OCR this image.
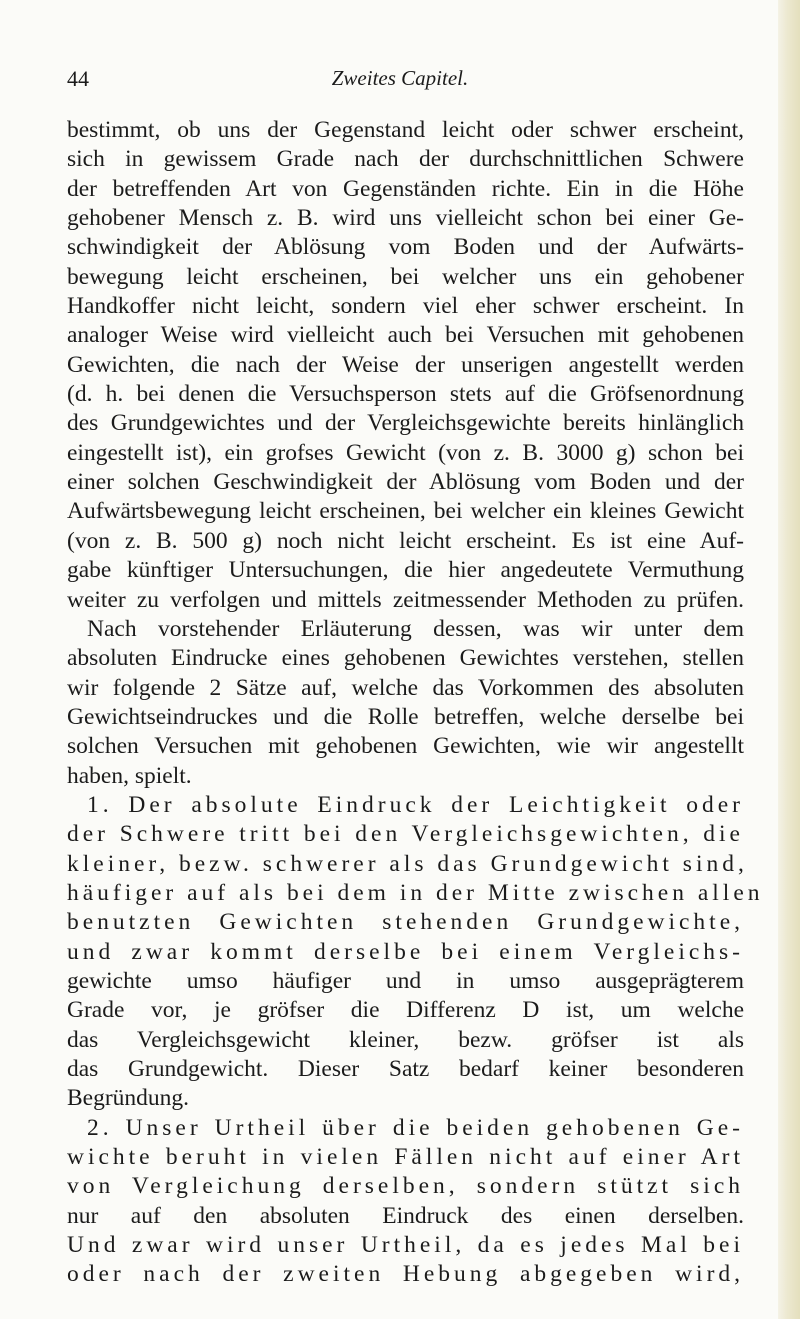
44	Zweites Capitel.
bestimmt, ob uns der Gegenstand leicht oder schwer erscheint,
sich in gewissem Grade nach der durchschnittlichen Schwere
der betreffenden Art von Gegenständen richte. Ein in die Höhe
gehobener Mensch z. B. wird uns vielleicht schon bei einer Ge-
schwindigkeit der Ablösung vom Boden und der Aufwärts-
bewegung leicht erscheinen, bei welcher uns ein gehobener
Handkoffer nicht leicht, sondern viel eher schwer erscheint. In
analoger Weise wird vielleicht auch bei Versuchen mit gehobenen
Gewichten, die nach der Weise der unserigen angestellt werden
(d. h. bei denen die Versuchsperson stets auf die Gröfsenordnung
des Grundgewichtes und der Vergleichsgewichte bereits hinlänglich
eingestellt ist), ein grofses Gewicht (von z. B. 3000 g) schon bei
einer solchen Geschwindigkeit der Ablösung vom Boden und der
Aufwärtsbewegung leicht erscheinen, bei welcher ein kleines Gewicht
(von z. B. 500 g) noch nicht leicht erscheint. Es ist eine Auf-
gabe künftiger Untersuchungen, die hier angedeutete Vermuthung
weiter zu verfolgen und mittels zeitmessender Methoden zu prüfen.
Nach vorstehender Erläuterung dessen, was wir unter dem
absoluten Eindrucke eines gehobenen Gewichtes verstehen, stellen
wir folgende 2 Sätze auf, welche das Vorkommen des absoluten
Gewichtseindruckes und die Rolle betreffen, welche derselbe bei
solchen Versuchen mit gehobenen Gewichten, wie wir angestellt
haben, spielt.
1. Der absolute Eindruck der Leichtigkeit oder
der Schwere tritt bei den Vergleichsgewichten, die
kleiner, bezw. schwerer als das Grundgewicht sind,
häufiger auf als bei dem in der Mitte zwischen allen
benutzten Gewichten stehenden Grundgewichte,
und zwar kommt derselbe bei einem Vergleichs-
gewichte umso häufiger und in umso ausgeprägterem
Grade vor, je gröfser die Differenz D ist, um welche
das Vergleichsgewicht kleiner, bezw. gröfser ist als
das Grundgewicht. Dieser Satz bedarf keiner besonderen
Begründung.
2. Unser Urtheil über die beiden gehobenen Ge-
wichte beruht in vielen Fällen nicht auf einer Art
von Vergleichung derselben, sondern stützt sich
nur auf den absoluten Eindruck des einen derselben.
Und zwar wird unser Urtheil, da es jedes Mal bei
oder nach der zweiten Hebung abgegeben wird,
